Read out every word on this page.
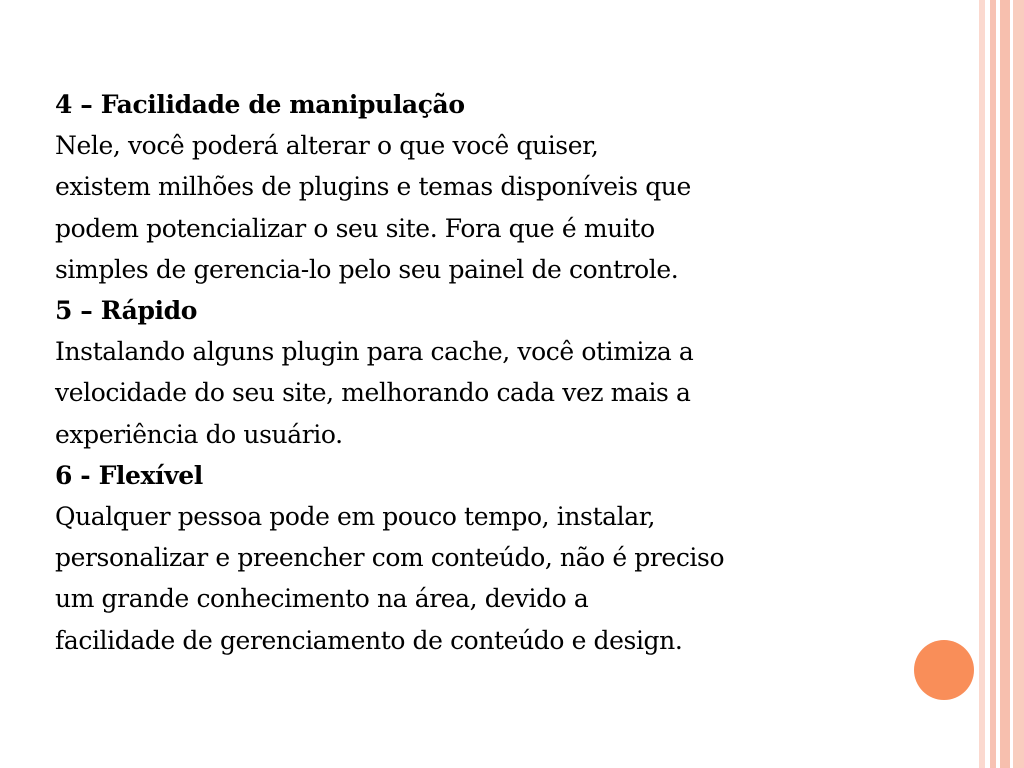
4 – Facilidade de manipulação
Nele, você poderá alterar o que você quiser,
existem milhões de plugins e temas disponíveis que
podem potencializar o seu site. Fora que é muito
simples de gerencia-lo pelo seu painel de controle.
5 – Rápido
Instalando alguns plugin para cache, você otimiza a
velocidade do seu site, melhorando cada vez mais a
experiência do usuário.
6 - Flexível
Qualquer pessoa pode em pouco tempo, instalar,
personalizar e preencher com conteúdo, não é preciso
um grande conhecimento na área, devido a
facilidade de gerenciamento de conteúdo e design.
